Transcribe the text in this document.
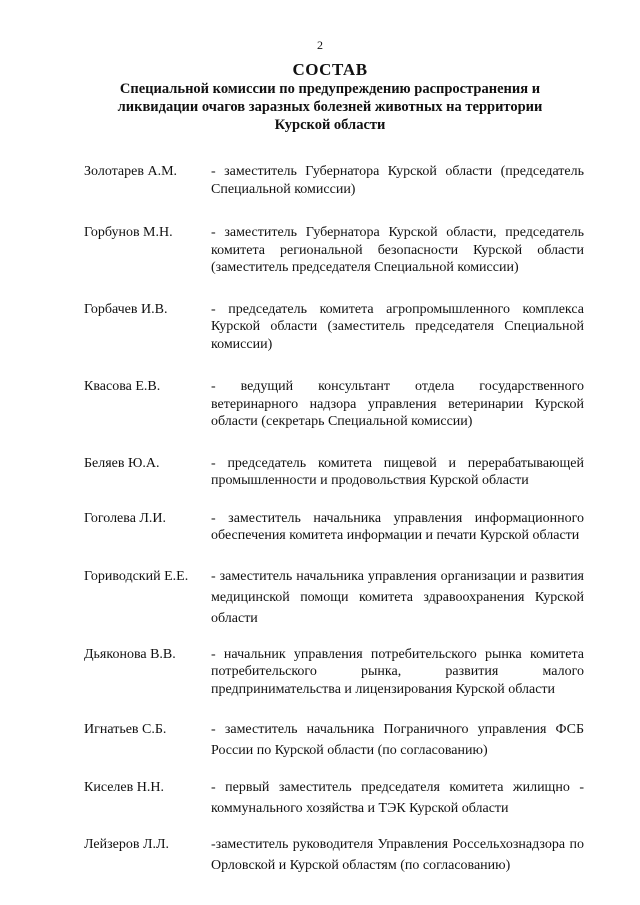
2
СОСТАВ
Специальной комиссии по предупреждению распространения и ликвидации очагов заразных болезней животных на территории Курской области
Золотарев А.М.	- заместитель Губернатора Курской области (председатель Специальной комиссии)
Горбунов М.Н.	- заместитель Губернатора Курской области, председатель комитета региональной безопасности Курской области (заместитель председателя Специальной комиссии)
Горбачев И.В.	- председатель комитета агропромышленного комплекса Курской области (заместитель председателя Специальной комиссии)
Квасова Е.В.	- ведущий консультант отдела государственного ветеринарного надзора управления ветеринарии Курской области (секретарь Специальной комиссии)
Беляев Ю.А.	- председатель комитета пищевой и перерабатывающей промышленности и продовольствия Курской области
Гоголева Л.И.	- заместитель начальника управления информационного обеспечения комитета информации и печати Курской области
Гориводский Е.Е.	- заместитель начальника управления организации и развития медицинской помощи комитета здравоохранения Курской области
Дьяконова В.В.	- начальник управления потребительского рынка комитета потребительского рынка, развития малого предпринимательства и лицензирования Курской области
Игнатьев С.Б.	- заместитель начальника Пограничного управления ФСБ России по Курской области (по согласованию)
Киселев Н.Н.	- первый заместитель председателя комитета жилищно - коммунального хозяйства и ТЭК Курской области
Лейзеров Л.Л.	-заместитель руководителя Управления Россельхознадзора по Орловской и Курской областям (по согласованию)
